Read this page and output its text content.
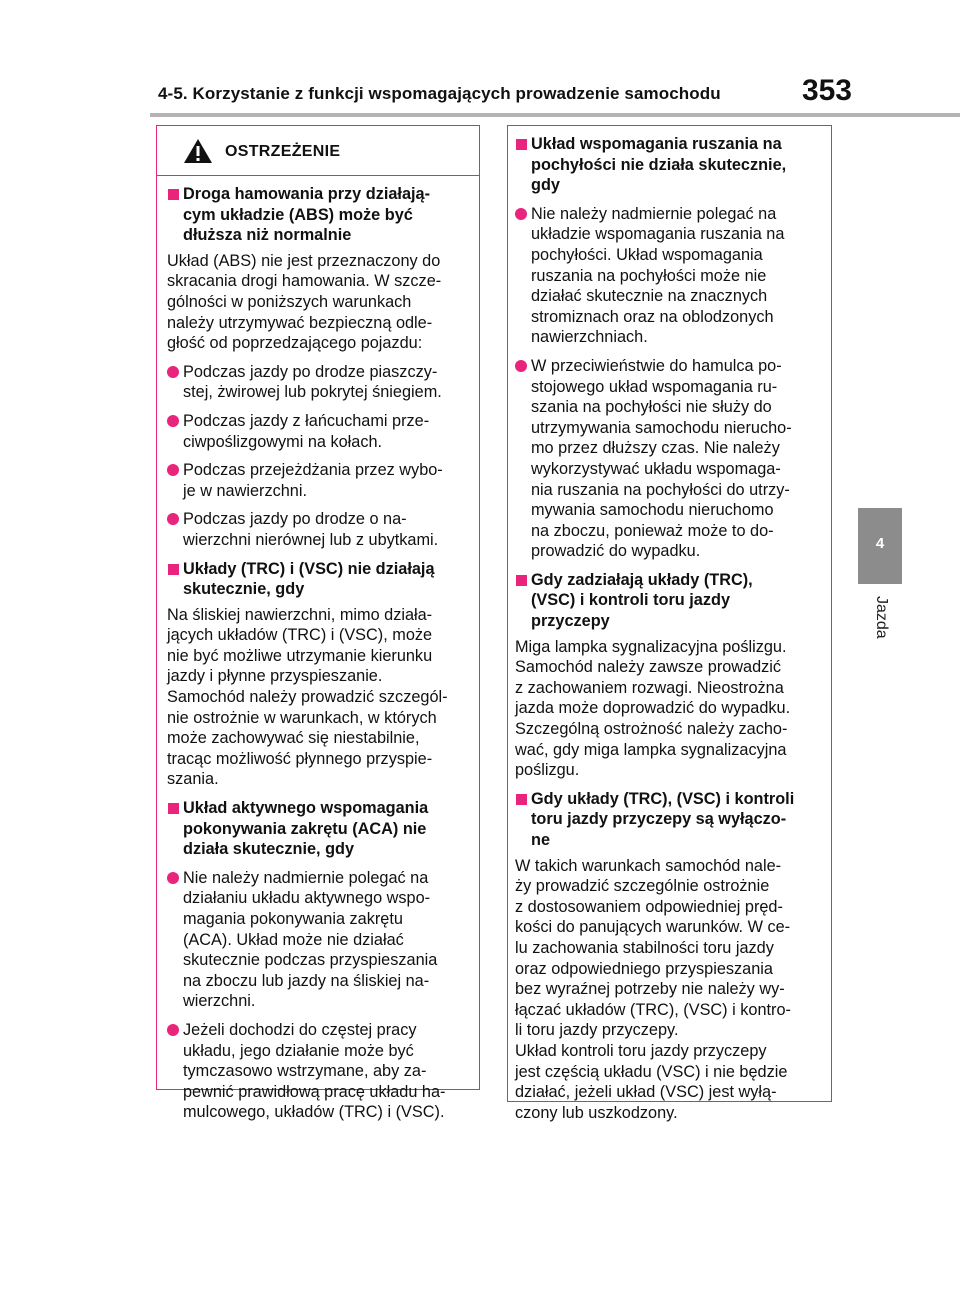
4-5. Korzystanie z funkcji wspomagających prowadzenie samochodu	353
4
Jazda
OSTRZEŻENIE
Droga hamowania przy działają-
cym układzie (ABS) może być
dłuższa niż normalnie
Układ (ABS) nie jest przeznaczony do
skracania drogi hamowania. W szcze-
gólności w poniższych warunkach
należy utrzymywać bezpieczną odle-
głość od poprzedzającego pojazdu:
Podczas jazdy po drodze piaszczy-
stej, żwirowej lub pokrytej śniegiem.
Podczas jazdy z łańcuchami prze-
ciwpoślizgowymi na kołach.
Podczas przejeżdżania przez wybo-
je w nawierzchni.
Podczas jazdy po drodze o na-
wierzchni nierównej lub z ubytkami.
Układy (TRC) i (VSC) nie działają
skutecznie, gdy
Na śliskiej nawierzchni, mimo działa-
jących układów (TRC) i (VSC), może
nie być możliwe utrzymanie kierunku
jazdy i płynne przyspieszanie.
Samochód należy prowadzić szczegól-
nie ostrożnie w warunkach, w których
może zachowywać się niestabilnie,
tracąc możliwość płynnego przyspie-
szania.
Układ aktywnego wspomagania
pokonywania zakrętu (ACA) nie
działa skutecznie, gdy
Nie należy nadmiernie polegać na
działaniu układu aktywnego wspo-
magania pokonywania zakrętu
(ACA). Układ może nie działać
skutecznie podczas przyspieszania
na zboczu lub jazdy na śliskiej na-
wierzchni.
Jeżeli dochodzi do częstej pracy
układu, jego działanie może być
tymczasowo wstrzymane, aby za-
pewnić prawidłową pracę układu ha-
mulcowego, układów (TRC) i (VSC).
Układ wspomagania ruszania na
pochyłości nie działa skutecznie,
gdy
Nie należy nadmiernie polegać na
układzie wspomagania ruszania na
pochyłości. Układ wspomagania
ruszania na pochyłości może nie
działać skutecznie na znacznych
stromiznach oraz na oblodzonych
nawierzchniach.
W przeciwieństwie do hamulca po-
stojowego układ wspomagania ru-
szania na pochyłości nie służy do
utrzymywania samochodu nierucho-
mo przez dłuższy czas. Nie należy
wykorzystywać układu wspomaga-
nia ruszania na pochyłości do utrzy-
mywania samochodu nieruchomo
na zboczu, ponieważ może to do-
prowadzić do wypadku.
Gdy zadziałają układy (TRC),
(VSC) i kontroli toru jazdy
przyczepy
Miga lampka sygnalizacyjna poślizgu.
Samochód należy zawsze prowadzić
z zachowaniem rozwagi. Nieostrożna
jazda może doprowadzić do wypadku.
Szczególną ostrożność należy zacho-
wać, gdy miga lampka sygnalizacyjna
poślizgu.
Gdy układy (TRC), (VSC) i kontroli
toru jazdy przyczepy są wyłączo-
ne
W takich warunkach samochód nale-
ży prowadzić szczególnie ostrożnie
z dostosowaniem odpowiedniej pręd-
kości do panujących warunków. W ce-
lu zachowania stabilności toru jazdy
oraz odpowiedniego przyspieszania
bez wyraźnej potrzeby nie należy wy-
łączać układów (TRC), (VSC) i kontro-
li toru jazdy przyczepy.
Układ kontroli toru jazdy przyczepy
jest częścią układu (VSC) i nie będzie
działać, jeżeli układ (VSC) jest wyłą-
czony lub uszkodzony.
